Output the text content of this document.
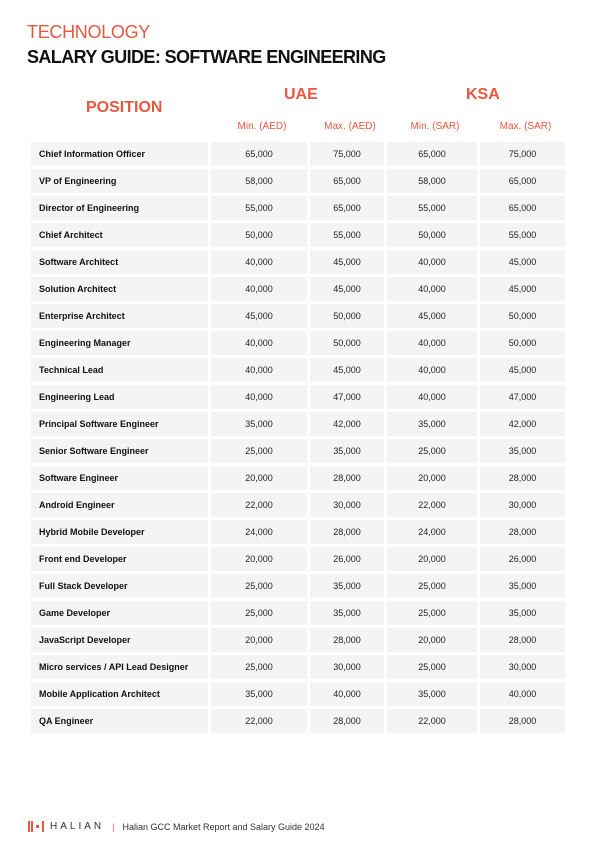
TECHNOLOGY
SALARY GUIDE: SOFTWARE ENGINEERING
POSITION
UAE	KSA
Min. (AED)	Max. (AED)	Min. (SAR)	Max. (SAR)
Chief Information Officer	65,000	75,000	65,000	75,000
VP of Engineering	58,000	65,000	58,000	65,000
Director of Engineering	55,000	65,000	55,000	65,000
Chief Architect	50,000	55,000	50,000	55,000
Software Architect	40,000	45,000	40,000	45,000
Solution Architect	40,000	45,000	40,000	45,000
Enterprise Architect	45,000	50,000	45,000	50,000
Engineering Manager	40,000	50,000	40,000	50,000
Technical Lead	40,000	45,000	40,000	45,000
Engineering Lead	40,000	47,000	40,000	47,000
Principal Software Engineer	35,000	42,000	35,000	42,000
Senior Software Engineer	25,000	35,000	25,000	35,000
Software Engineer	20,000	28,000	20,000	28,000
Android Engineer	22,000	30,000	22,000	30,000
Hybrid Mobile Developer	24,000	28,000	24,000	28,000
Front end Developer	20,000	26,000	20,000	26,000
Full Stack Developer	25,000	35,000	25,000	35,000
Game Developer	25,000	35,000	25,000	35,000
JavaScript Developer	20,000	28,000	20,000	28,000
Micro services / API Lead Designer	25,000	30,000	25,000	30,000
Mobile Application Architect	35,000	40,000	35,000	40,000
QA Engineer	22,000	28,000	22,000	28,000
HALIAN | Halian GCC Market Report and Salary Guide 2024
